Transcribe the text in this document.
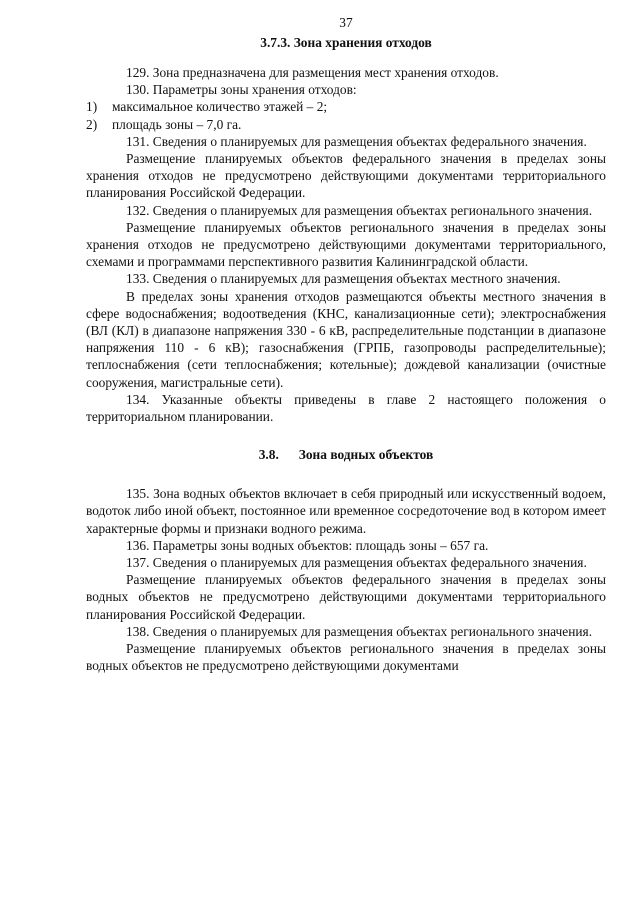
37
3.7.3. Зона хранения отходов

129. Зона предназначена для размещения мест хранения отходов.

130. Параметры зоны хранения отходов:

1) максимальное количество этажей – 2;

2) площадь зоны – 7,0 га.

131. Сведения о планируемых для размещения объектах федерального значения.

Размещение планируемых объектов федерального значения в пределах зоны хранения отходов не предусмотрено действующими документами территориального планирования Российской Федерации.

132. Сведения о планируемых для размещения объектах регионального значения.

Размещение планируемых объектов регионального значения в пределах зоны хранения отходов не предусмотрено действующими документами территориального, схемами и программами перспективного развития Калининградской области.

133. Сведения о планируемых для размещения объектах местного значения.

В пределах зоны хранения отходов размещаются объекты местного значения в сфере водоснабжения; водоотведения (КНС, канализационные сети); электроснабжения (ВЛ (КЛ) в диапазоне напряжения 330 - 6 кВ, распределительные подстанции в диапазоне напряжения 110 - 6 кВ); газоснабжения (ГРПБ, газопроводы распределительные); теплоснабжения (сети теплоснабжения; котельные); дождевой канализации (очистные сооружения, магистральные сети).

134. Указанные объекты приведены в главе 2 настоящего положения о территориальном планировании.

3.8. Зона водных объектов

135. Зона водных объектов включает в себя природный или искусственный водоем, водоток либо иной объект, постоянное или временное сосредоточение вод в котором имеет характерные формы и признаки водного режима.

136. Параметры зоны водных объектов: площадь зоны – 657 га.

137. Сведения о планируемых для размещения объектах федерального значения.

Размещение планируемых объектов федерального значения в пределах зоны водных объектов не предусмотрено действующими документами территориального планирования Российской Федерации.

138. Сведения о планируемых для размещения объектах регионального значения.

Размещение планируемых объектов регионального значения в пределах зоны водных объектов не предусмотрено действующими документами
